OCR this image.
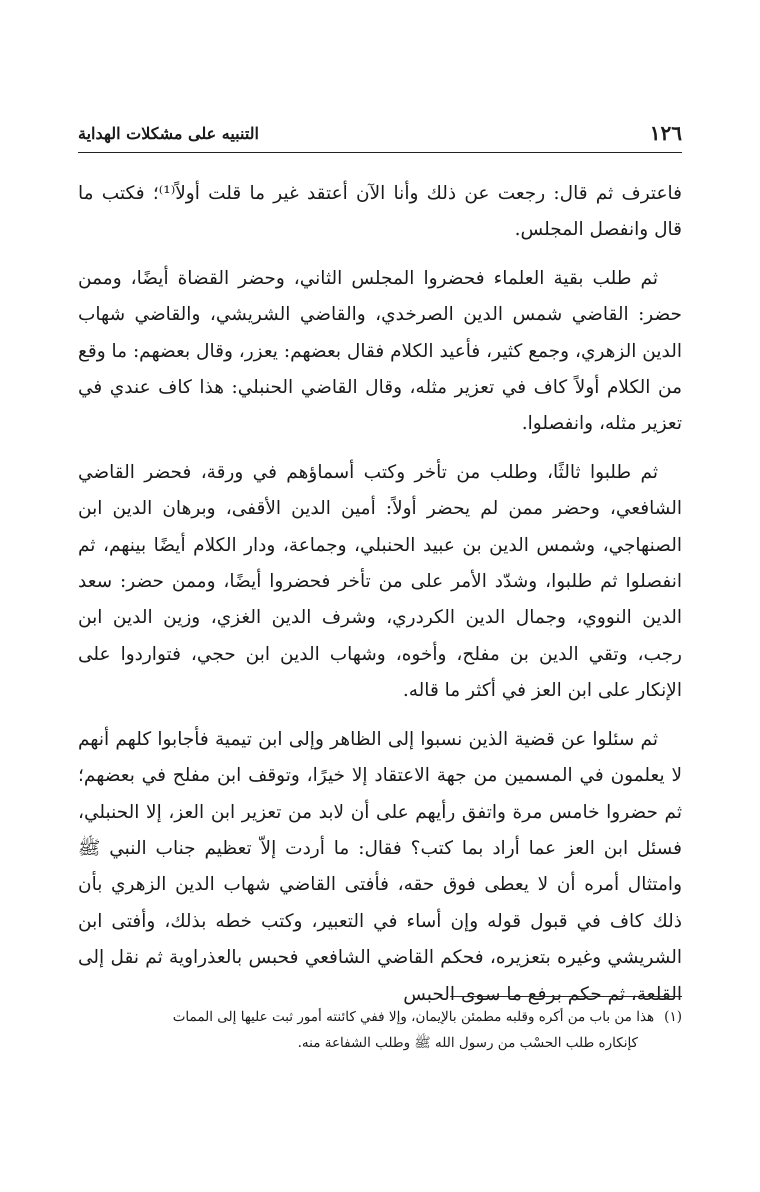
١٢٦
التنبيه على مشكلات الهداية

فاعترف ثم قال: رجعت عن ذلك وأنا الآن أعتقد غير ما قلت أولاً⁽¹⁾؛ فكتب ما قال وانفصل المجلس.

ثم طلب بقية العلماء فحضروا المجلس الثاني، وحضر القضاة أيضًا، وممن حضر: القاضي شمس الدين الصرخدي، والقاضي الشريشي، والقاضي شهاب الدين الزهري، وجمع كثير، فأعيد الكلام فقال بعضهم: يعزر، وقال بعضهم: ما وقع من الكلام أولاً كاف في تعزير مثله، وقال القاضي الحنبلي: هذا كاف عندي في تعزير مثله، وانفصلوا.

ثم طلبوا ثالثًا، وطلب من تأخر وكتب أسماؤهم في ورقة، فحضر القاضي الشافعي، وحضر ممن لم يحضر أولاً: أمين الدين الأقفى، وبرهان الدين ابن الصنهاجي، وشمس الدين بن عبيد الحنبلي، وجماعة، ودار الكلام أيضًا بينهم، ثم انفصلوا ثم طلبوا، وشدّد الأمر على من تأخر فحضروا أيضًا، وممن حضر: سعد الدين النووي، وجمال الدين الكردري، وشرف الدين الغزي، وزين الدين ابن رجب، وتقي الدين بن مفلح، وأخوه، وشهاب الدين ابن حجي، فتواردوا على الإنكار على ابن العز في أكثر ما قاله.

ثم سئلوا عن قضية الذين نسبوا إلى الظاهر وإلى ابن تيمية فأجابوا كلهم أنهم لا يعلمون في المسمين من جهة الاعتقاد إلا خيرًا، وتوقف ابن مفلح في بعضهم؛ ثم حضروا خامس مرة واتفق رأيهم على أن لابد من تعزير ابن العز، إلا الحنبلي، فسئل ابن العز عما أراد بما كتب؟ فقال: ما أردت إلاّ تعظيم جناب النبي ﷺ وامتثال أمره أن لا يعطى فوق حقه، فأفتى القاضي شهاب الدين الزهري بأن ذلك كاف في قبول قوله وإن أساء في التعبير، وكتب خطه بذلك، وأفتى ابن الشريشي وغيره بتعزيره، فحكم القاضي الشافعي فحبس بالعذراوية ثم نقل إلى القلعة، ثم حكم برفع ما سوى الحبس

(١)هذا من باب من أكره وقلبه مطمئن بالإيمان، وإلا ففي كائنته أمور ثبت عليها إلى الممات
كإنكاره طلب الحسْب من رسول الله ﷺ وطلب الشفاعة منه.
